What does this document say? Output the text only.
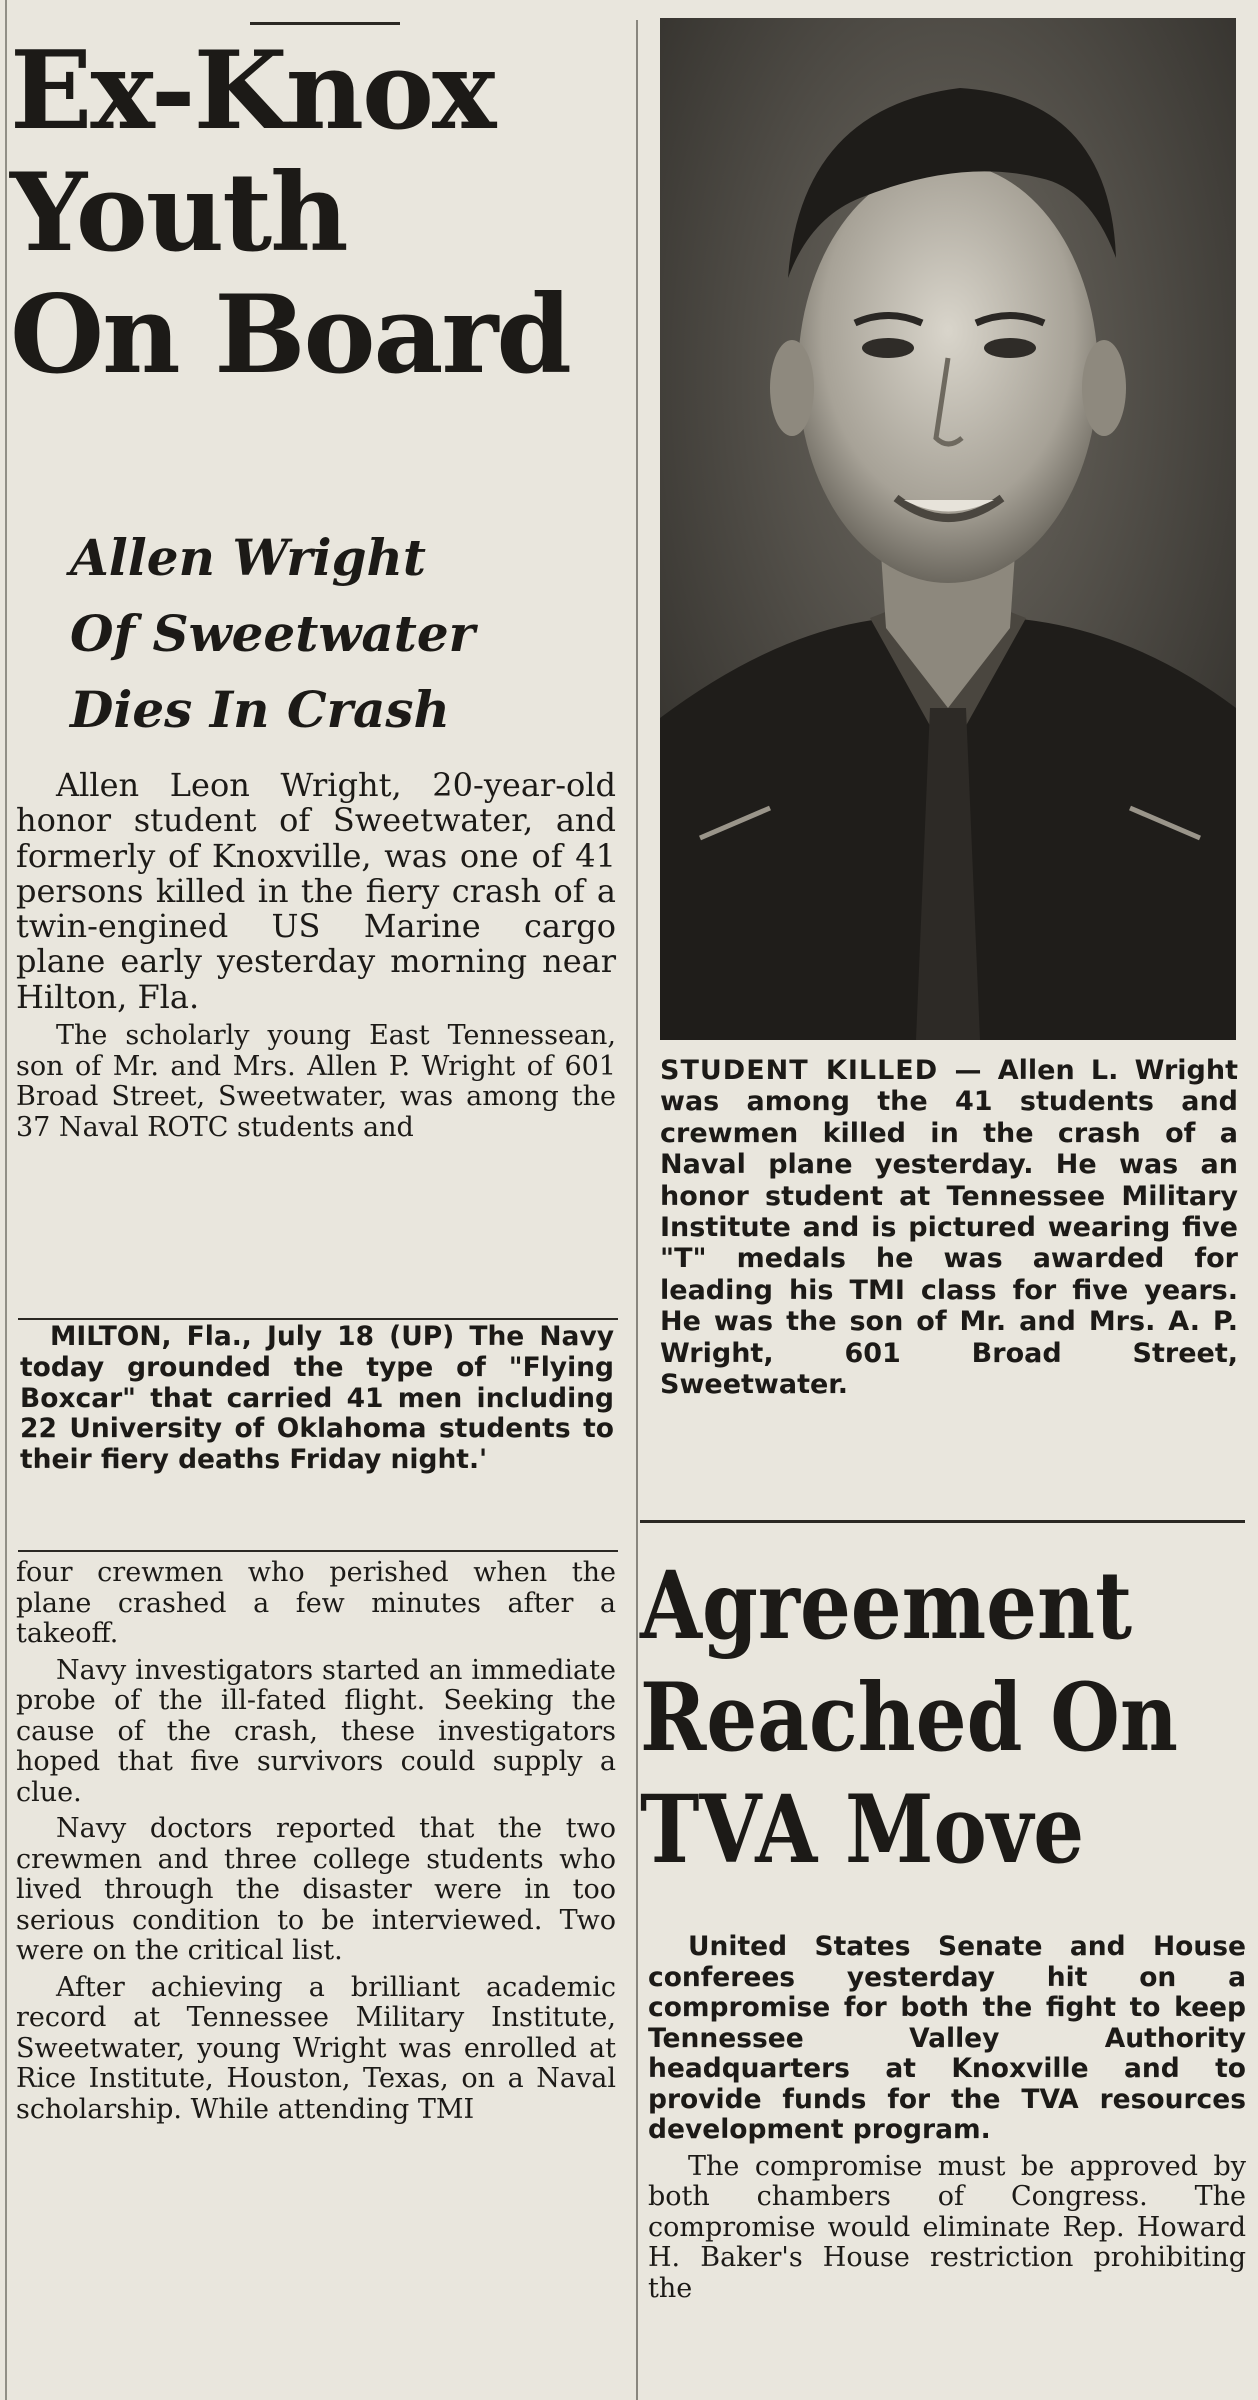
Ex-Knox
Youth
On Board
Allen Wright
Of Sweetwater
Dies In Crash

Allen Leon Wright, 20-year-old honor student of Sweetwater, and formerly of Knoxville, was one of 41 persons killed in the fiery crash of a twin-engined US Marine cargo plane early yesterday morning near Hilton, Fla.

The scholarly young East Tennessean, son of Mr. and Mrs. Allen P. Wright of 601 Broad Street, Sweetwater, was among the 37 Naval ROTC students and

MILTON, Fla., July 18 (UP) The Navy today grounded the type of "Flying Boxcar" that carried 41 men including 22 University of Oklahoma students to their fiery deaths Friday night.'

four crewmen who perished when the plane crashed a few minutes after a takeoff.

Navy investigators started an immediate probe of the ill-fated flight. Seeking the cause of the crash, these investigators hoped that five survivors could supply a clue.

Navy doctors reported that the two crewmen and three college students who lived through the disaster were in too serious condition to be interviewed. Two were on the critical list.

After achieving a brilliant academic record at Tennessee Military Institute, Sweetwater, young Wright was enrolled at Rice Institute, Houston, Texas, on a Naval scholarship. While attending TMI

STUDENT KILLED — Allen L. Wright was among the 41 students and crewmen killed in the crash of a Naval plane yesterday. He was an honor student at Tennessee Military Institute and is pictured wearing five "T" medals he was awarded for leading his TMI class for five years. He was the son of Mr. and Mrs. A. P. Wright, 601 Broad Street, Sweetwater.

Agreement
Reached On
TVA Move

United States Senate and House conferees yesterday hit on a compromise for both the fight to keep Tennessee Valley Authority headquarters at Knoxville and to provide funds for the TVA resources development program.

The compromise must be approved by both chambers of Congress. The compromise would eliminate Rep. Howard H. Baker's House restriction prohibiting the
